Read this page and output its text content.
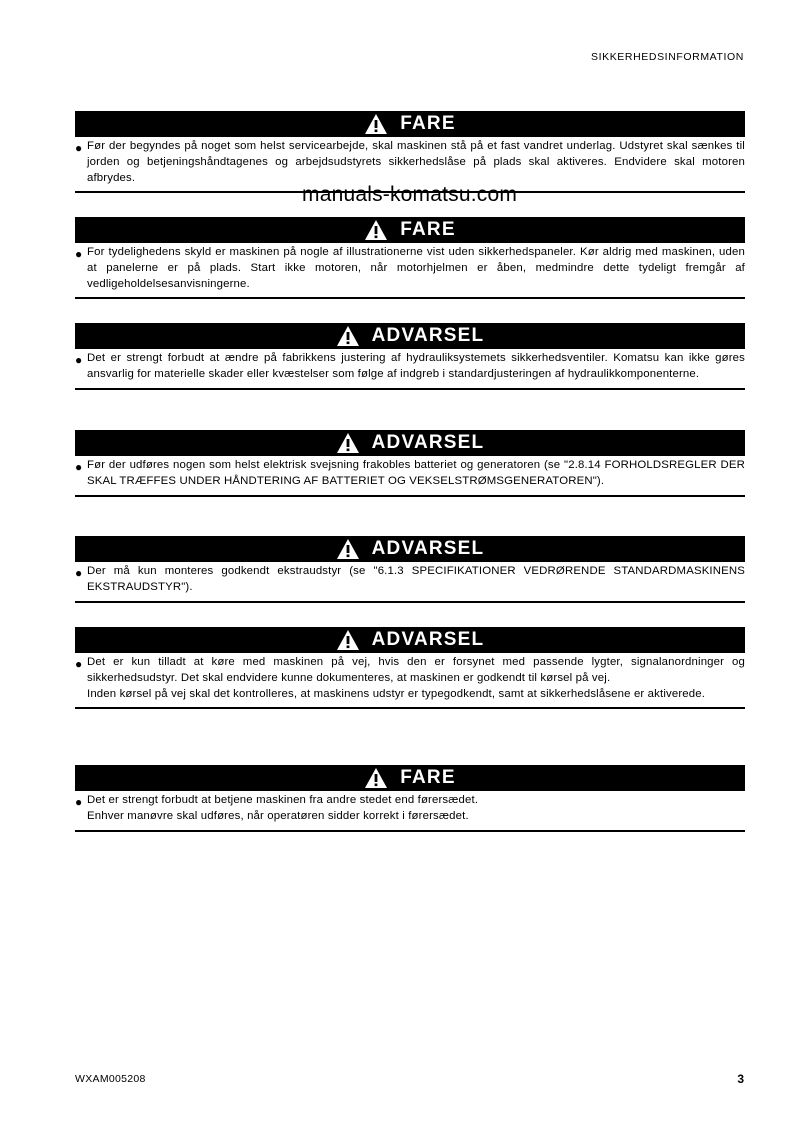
SIKKERHEDSINFORMATION
manuals-komatsu.com
FARE
● Før der begyndes på noget som helst servicearbejde, skal maskinen stå på et fast vandret underlag. Udstyret skal sænkes til jorden og betjeningshåndtagenes og arbejdsudstyrets sikkerhedslåse på plads skal aktiveres. Endvidere skal motoren afbrydes.

FARE
● For tydelighedens skyld er maskinen på nogle af illustrationerne vist uden sikkerhedspaneler. Kør aldrig med maskinen, uden at panelerne er på plads. Start ikke motoren, når motorhjelmen er åben, medmindre dette tydeligt fremgår af vedligeholdelsesanvisningerne.

ADVARSEL
● Det er strengt forbudt at ændre på fabrikkens justering af hydrauliksystemets sikkerhedsventiler. Komatsu kan ikke gøres ansvarlig for materielle skader eller kvæstelser som følge af indgreb i standardjusteringen af hydraulikkomponenterne.

ADVARSEL
● Før der udføres nogen som helst elektrisk svejsning frakobles batteriet og generatoren (se "2.8.14 FORHOLDSREGLER DER SKAL TRÆFFES UNDER HÅNDTERING AF BATTERIET OG VEKSELSTRØMSGENERATOREN").

ADVARSEL
● Der må kun monteres godkendt ekstraudstyr (se "6.1.3 SPECIFIKATIONER VEDRØRENDE STANDARDMASKINENS EKSTRAUDSTYR").

ADVARSEL
● Det er kun tilladt at køre med maskinen på vej, hvis den er forsynet med passende lygter, signalanordninger og sikkerhedsudstyr. Det skal endvidere kunne dokumenteres, at maskinen er godkendt til kørsel på vej.

Inden kørsel på vej skal det kontrolleres, at maskinens udstyr er typegodkendt, samt at sikkerhedslåsene er aktiverede.

FARE
● Det er strengt forbudt at betjene maskinen fra andre stedet end førersædet.

Enhver manøvre skal udføres, når operatøren sidder korrekt i førersædet.

WXAM005208	3
